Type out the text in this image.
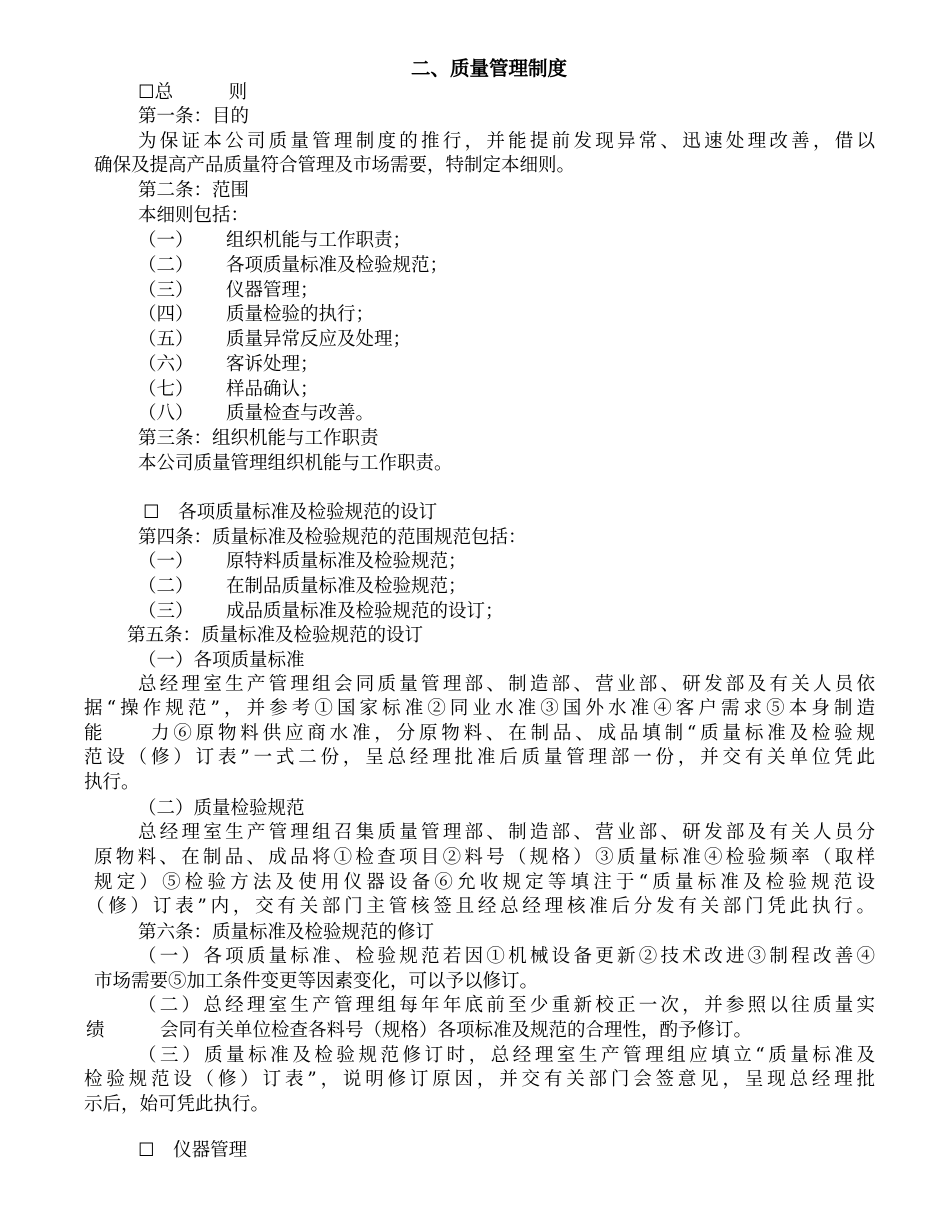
二、质量管理制度
☐总　　　则
第一条：目的
为保证本公司质量管理制度的推行，并能提前发现异常、迅速处理改善，借以
确保及提高产品质量符合管理及市场需要，特制定本细则。
第二条：范围
本细则包括：
（一） 组织机能与工作职责；
（二） 各项质量标准及检验规范；
（三） 仪器管理；
（四） 质量检验的执行；
（五） 质量异常反应及处理；
（六） 客诉处理；
（七） 样品确认；
（八） 质量检查与改善。
第三条：组织机能与工作职责
本公司质量管理组织机能与工作职责。
☐　各项质量标准及检验规范的设订
第四条：质量标准及检验规范的范围规范包括：
（一） 原特料质量标准及检验规范；
（二） 在制品质量标准及检验规范；
（三） 成品质量标准及检验规范的设订；
第五条：质量标准及检验规范的设订
（一）各项质量标准
总经理室生产管理组会同质量管理部、制造部、营业部、研发部及有关人员依
据“操作规范”，并参考①国家标准②同业水准③国外水准④客户需求⑤本身制造
能　　力⑥原物料供应商水准，分原物料、在制品、成品填制“质量标准及检验规
范设（修）订表”一式二份，呈总经理批准后质量管理部一份，并交有关单位凭此
执行。
（二）质量检验规范
总经理室生产管理组召集质量管理部、制造部、营业部、研发部及有关人员分
原物料、在制品、成品将①检查项目②料号（规格）③质量标准④检验频率（取样
规定）⑤检验方法及使用仪器设备⑥允收规定等填注于“质量标准及检验规范设
（修）订表”内，交有关部门主管核签且经总经理核准后分发有关部门凭此执行。
第六条：质量标准及检验规范的修订
（一）各项质量标准、检验规范若因①机械设备更新②技术改进③制程改善④
市场需要⑤加工条件变更等因素变化，可以予以修订。
（二）总经理室生产管理组每年年底前至少重新校正一次，并参照以往质量实
绩　　　会同有关单位检查各料号（规格）各项标准及规范的合理性，酌予修订。
（三）质量标准及检验规范修订时，总经理室生产管理组应填立“质量标准及
检验规范设（修）订表”，说明修订原因，并交有关部门会签意见，呈现总经理批
示后，始可凭此执行。
☐　仪器管理
